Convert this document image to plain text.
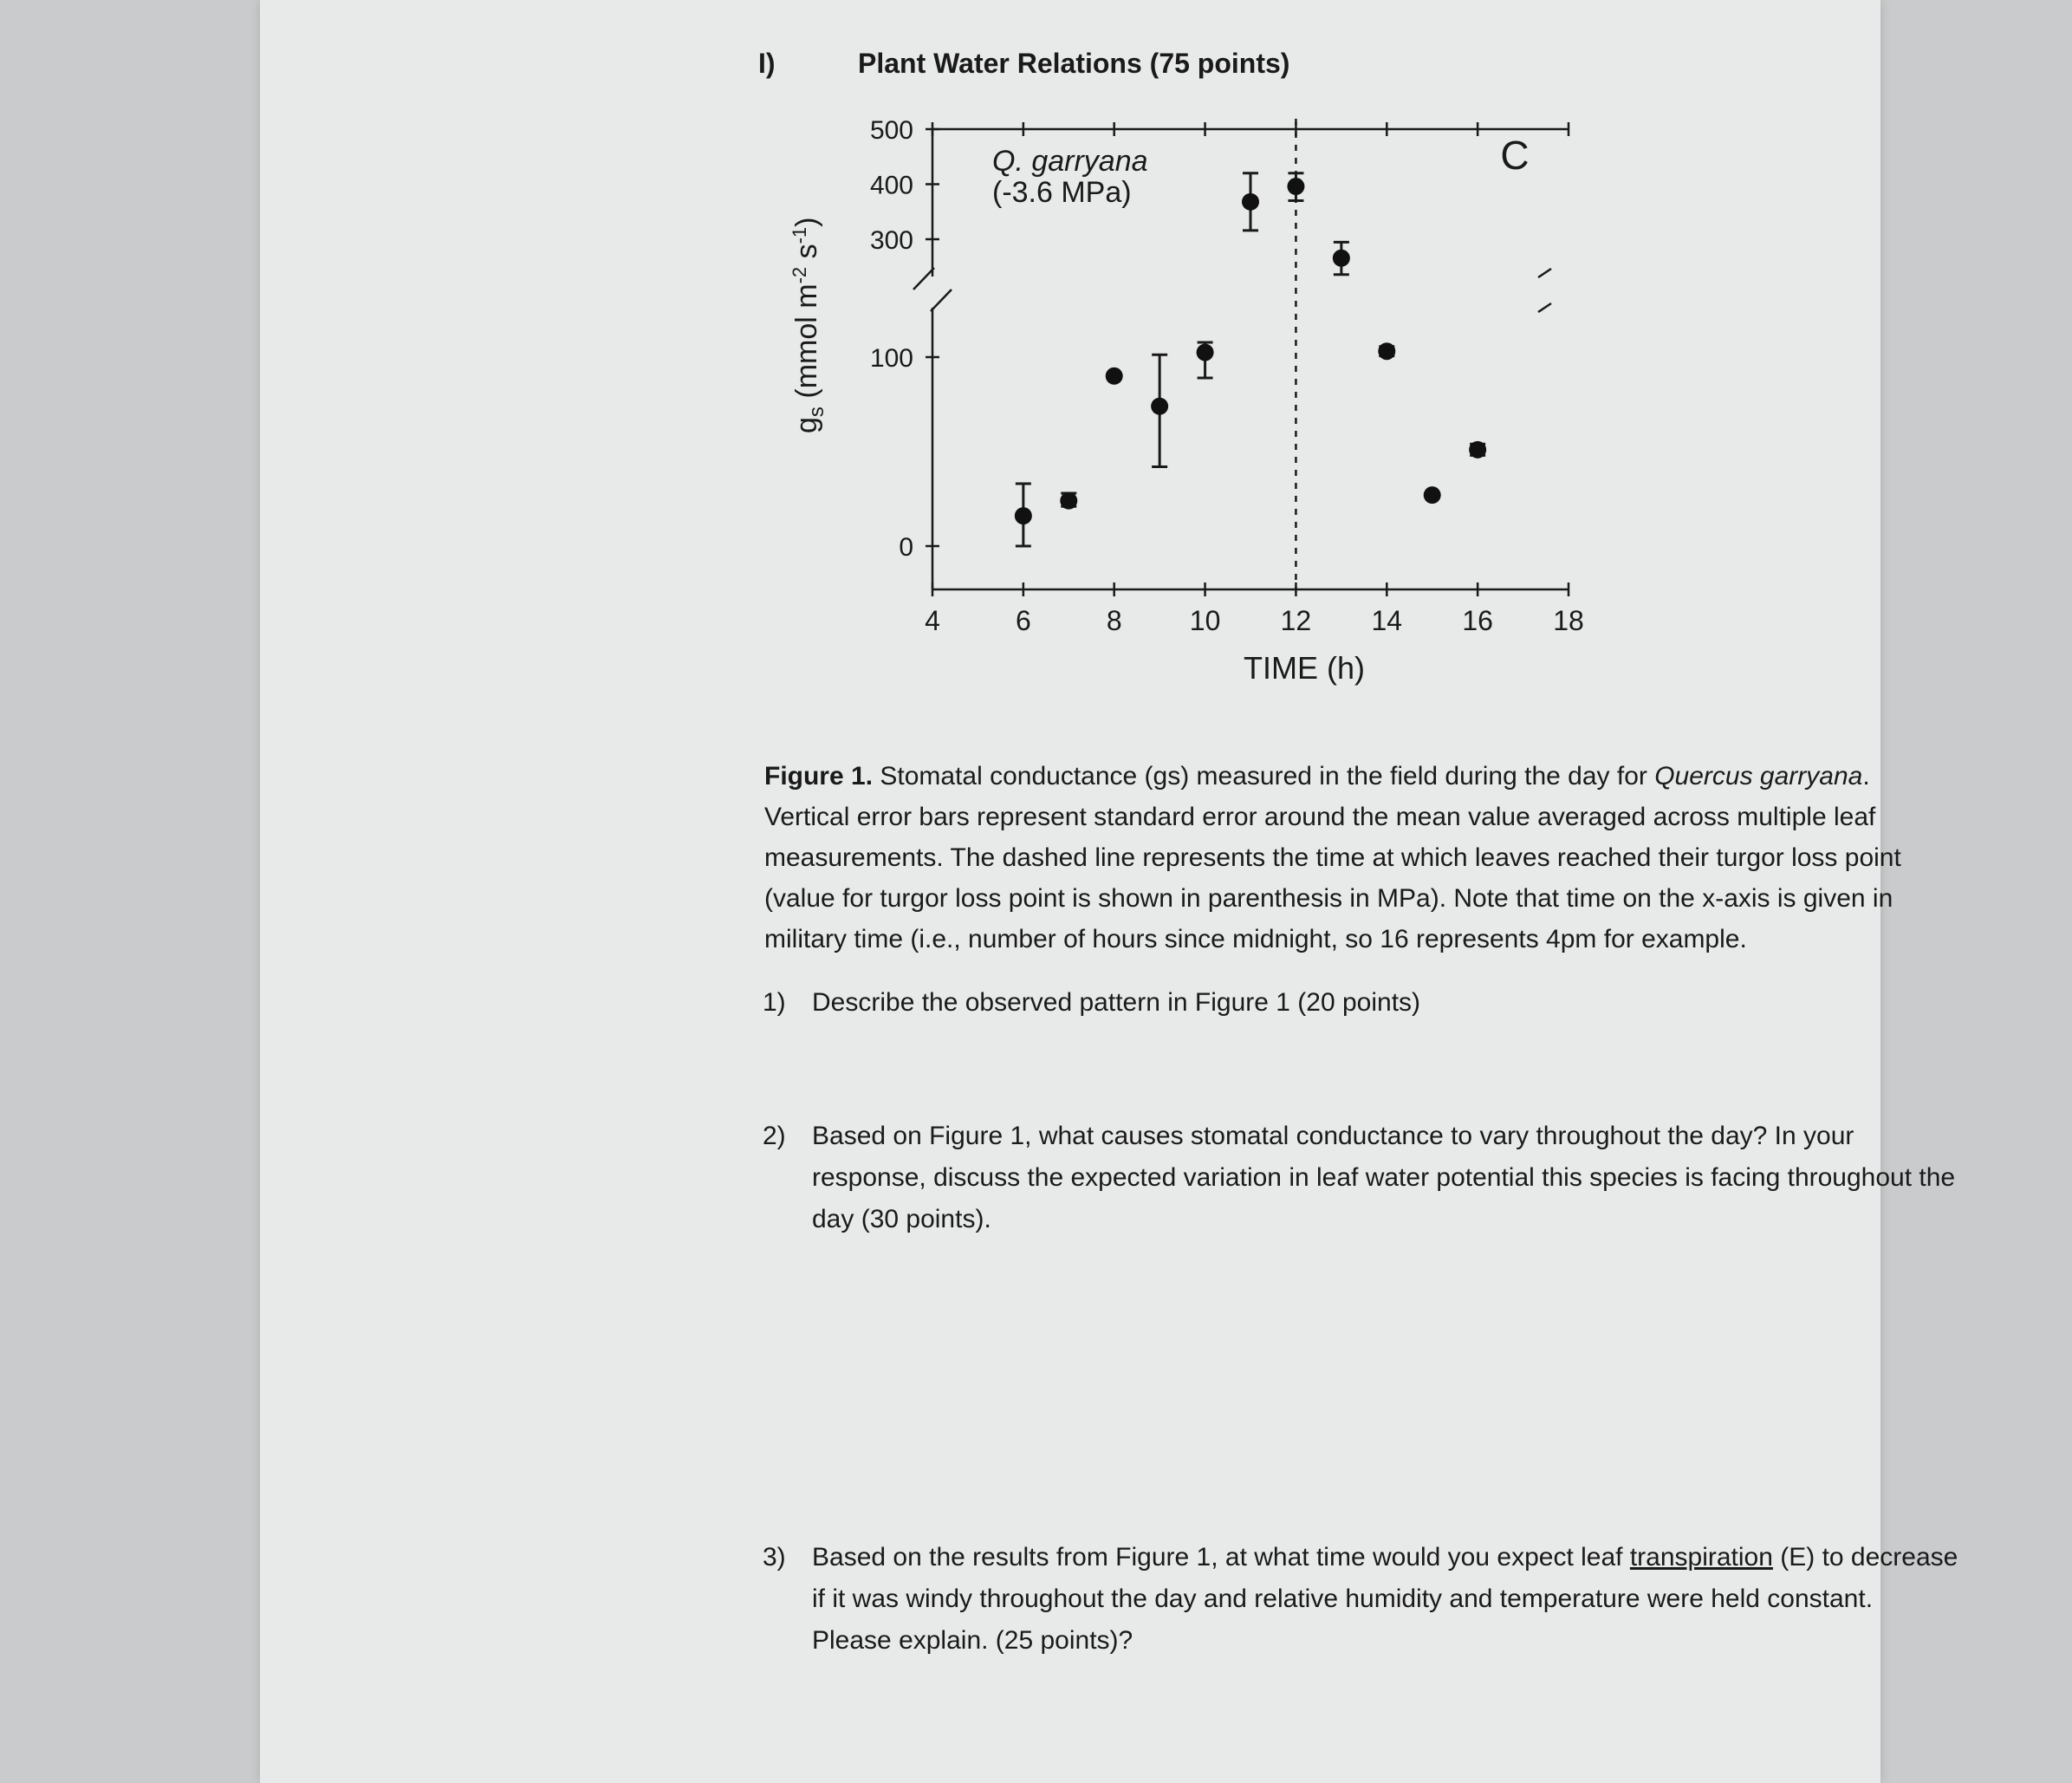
I)	Plant Water Relations (75 points)
4	6	8 10 12 14 16 18
0
100
300
400
500
C
Q. garryana
(-3.6 MPa)
TIME (h)
$g_s$ (mmol $m^{-2}$ $s^{-1}$)
Figure 1. Stomatal conductance (gs) measured in the field during the day for Quercus garryana. Vertical error bars represent standard error around the mean value averaged across multiple leaf measurements. The dashed line represents the time at which leaves reached their turgor loss point (value for turgor loss point is shown in parenthesis in MPa). Note that time on the x-axis is given in military time (i.e., number of hours since midnight, so 16 represents 4pm for example.
1) Describe the observed pattern in Figure 1 (20 points)
2) Based on Figure 1, what causes stomatal conductance to vary throughout the day? In your response, discuss the expected variation in leaf water potential this species is facing throughout the day (30 points).
3) Based on the results from Figure 1, at what time would you expect leaf transpiration (E) to decrease if it was windy throughout the day and relative humidity and temperature were held constant. Please explain. (25 points)?
